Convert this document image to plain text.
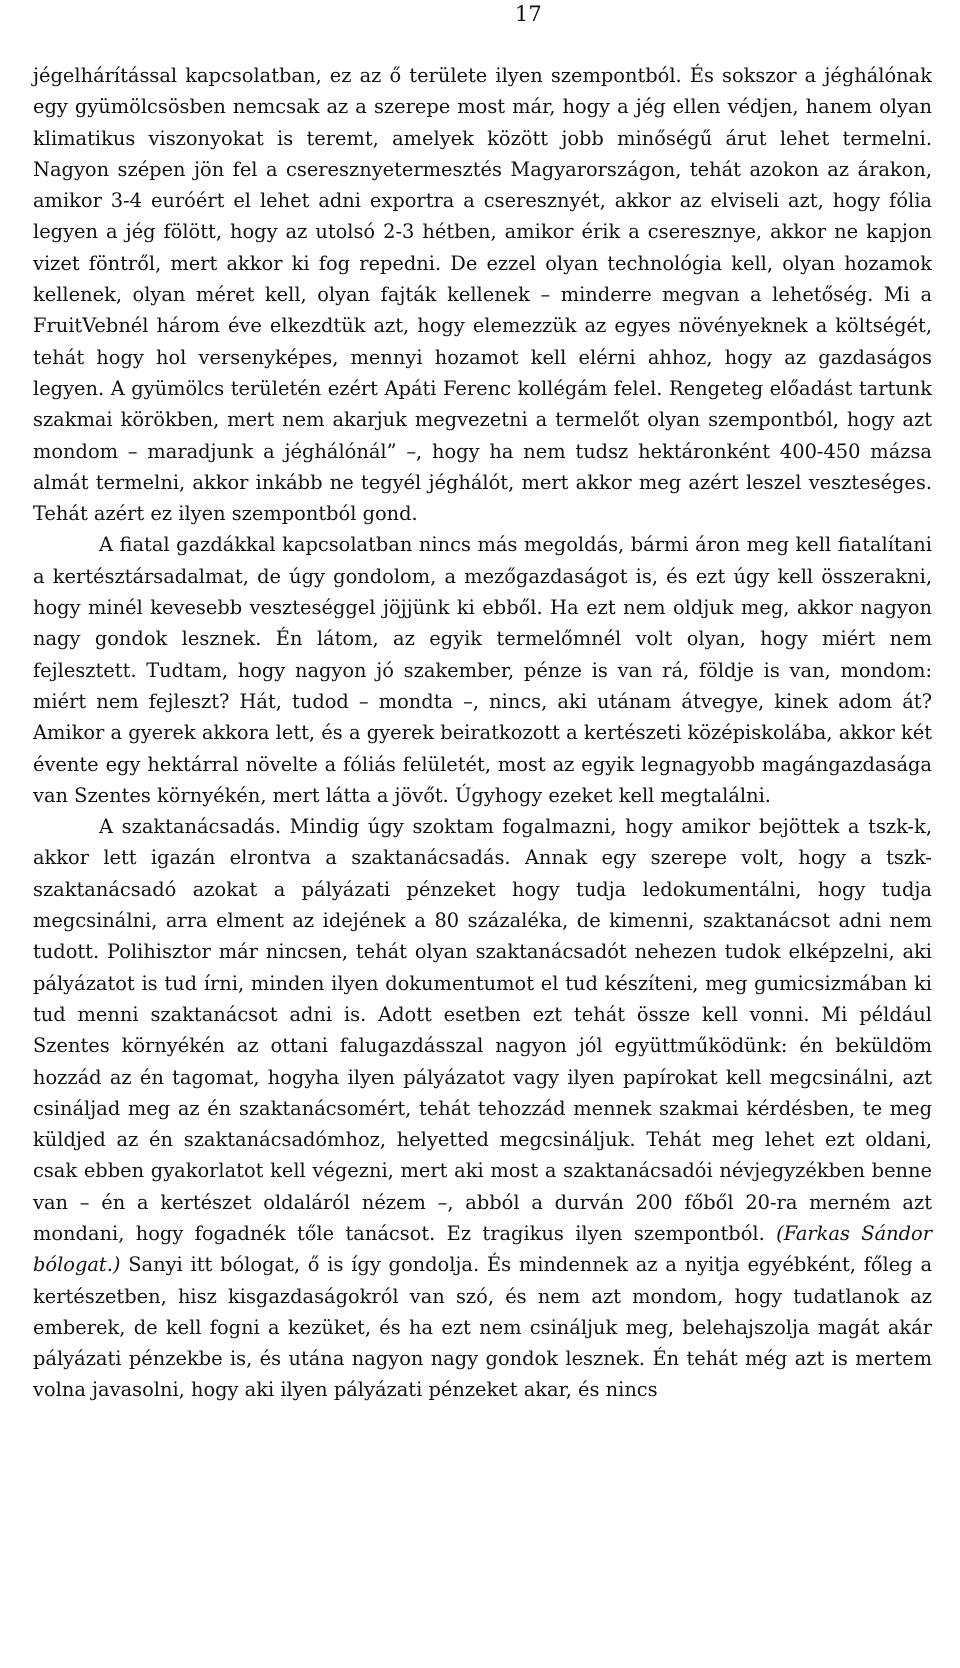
17

jégelhárítással kapcsolatban, ez az ő területe ilyen szempontból. És sokszor a jéghálónak egy gyümölcsösben nemcsak az a szerepe most már, hogy a jég ellen védjen, hanem olyan klimatikus viszonyokat is teremt, amelyek között jobb minőségű árut lehet termelni. Nagyon szépen jön fel a cseresznyetermesztés Magyarországon, tehát azokon az árakon, amikor 3-4 euróért el lehet adni exportra a cseresznyét, akkor az elviseli azt, hogy fólia legyen a jég fölött, hogy az utolsó 2-3 hétben, amikor érik a cseresznye, akkor ne kapjon vizet föntről, mert akkor ki fog repedni. De ezzel olyan technológia kell, olyan hozamok kellenek, olyan méret kell, olyan fajták kellenek – minderre megvan a lehetőség. Mi a FruitVebnél három éve elkezdtük azt, hogy elemezzük az egyes növényeknek a költségét, tehát hogy hol versenyképes, mennyi hozamot kell elérni ahhoz, hogy az gazdaságos legyen. A gyümölcs területén ezért Apáti Ferenc kollégám felel. Rengeteg előadást tartunk szakmai körökben, mert nem akarjuk megvezetni a termelőt olyan szempontból, hogy azt mondom – maradjunk a jéghálónál” –, hogy ha nem tudsz hektáronként 400-450 mázsa almát termelni, akkor inkább ne tegyél jéghálót, mert akkor meg azért leszel veszteséges. Tehát azért ez ilyen szempontból gond.

A fiatal gazdákkal kapcsolatban nincs más megoldás, bármi áron meg kell fiatalítani a kertésztársadalmat, de úgy gondolom, a mezőgazdaságot is, és ezt úgy kell összerakni, hogy minél kevesebb veszteséggel jöjjünk ki ebből. Ha ezt nem oldjuk meg, akkor nagyon nagy gondok lesznek. Én látom, az egyik termelőmnél volt olyan, hogy miért nem fejlesztett. Tudtam, hogy nagyon jó szakember, pénze is van rá, földje is van, mondom: miért nem fejleszt? Hát, tudod – mondta –, nincs, aki utánam átvegye, kinek adom át? Amikor a gyerek akkora lett, és a gyerek beiratkozott a kertészeti középiskolába, akkor két évente egy hektárral növelte a fóliás felületét, most az egyik legnagyobb magángazdasága van Szentes környékén, mert látta a jövőt. Úgyhogy ezeket kell megtalálni.

A szaktanácsadás. Mindig úgy szoktam fogalmazni, hogy amikor bejöttek a tszk-k, akkor lett igazán elrontva a szaktanácsadás. Annak egy szerepe volt, hogy a tszk-szaktanácsadó azokat a pályázati pénzeket hogy tudja ledokumentálni, hogy tudja megcsinálni, arra elment az idejének a 80 százaléka, de kimenni, szaktanácsot adni nem tudott. Polihisztor már nincsen, tehát olyan szaktanácsadót nehezen tudok elképzelni, aki pályázatot is tud írni, minden ilyen dokumentumot el tud készíteni, meg gumicsizmában ki tud menni szaktanácsot adni is. Adott esetben ezt tehát össze kell vonni. Mi például Szentes környékén az ottani falugazdásszal nagyon jól együttműködünk: én beküldöm hozzád az én tagomat, hogyha ilyen pályázatot vagy ilyen papírokat kell megcsinálni, azt csináljad meg az én szaktanácsomért, tehát tehozzád mennek szakmai kérdésben, te meg küldjed az én szaktanácsadómhoz, helyetted megcsináljuk. Tehát meg lehet ezt oldani, csak ebben gyakorlatot kell végezni, mert aki most a szaktanácsadói névjegyzékben benne van – én a kertészet oldaláról nézem –, abból a durván 200 főből 20-ra merném azt mondani, hogy fogadnék tőle tanácsot. Ez tragikus ilyen szempontból. (Farkas Sándor bólogat.) Sanyi itt bólogat, ő is így gondolja. És mindennek az a nyitja egyébként, főleg a kertészetben, hisz kisgazdaságokról van szó, és nem azt mondom, hogy tudatlanok az emberek, de kell fogni a kezüket, és ha ezt nem csináljuk meg, belehajszolja magát akár pályázati pénzekbe is, és utána nagyon nagy gondok lesznek. Én tehát még azt is mertem volna javasolni, hogy aki ilyen pályázati pénzeket akar, és nincs
